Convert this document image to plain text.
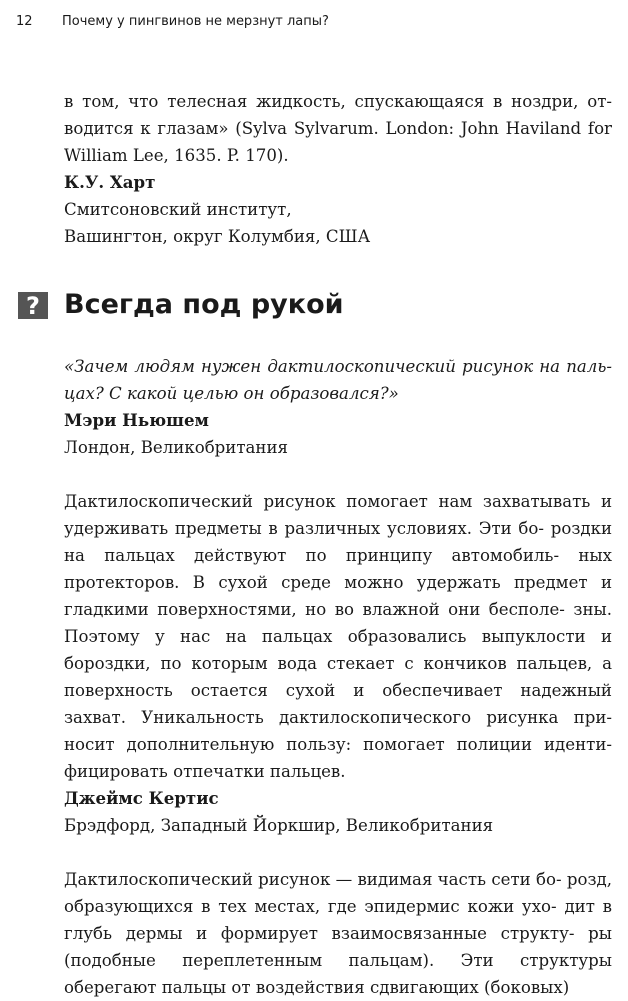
12 Почему у пингвинов не мерзнут лапы?

в том, что телесная жидкость, спускающаяся в ноздри, от- водится к глазам» (Sylva Sylvarum. London: John Haviland for William Lee, 1635. P. 170).

К.У. Харт

Смитсоновский институт,

Вашингтон, округ Колумбия, США

? Всегда под рукой

«Зачем людям нужен дактилоскопический рисунок на паль- цах? С какой целью он образовался?»

Мэри Ньюшем

Лондон, Великобритания

Дактилоскопический рисунок помогает нам захватывать и удерживать предметы в различных условиях. Эти бо- роздки на пальцах действуют по принципу автомобиль- ных протекторов. В сухой среде можно удержать предмет и гладкими поверхностями, но во влажной они бесполе- зны. Поэтому у нас на пальцах образовались выпуклости и бороздки, по которым вода стекает с кончиков пальцев, а поверхность остается сухой и обеспечивает надежный захват. Уникальность дактилоскопического рисунка при- носит дополнительную пользу: помогает полиции иденти- фицировать отпечатки пальцев.

Джеймс Кертис

Брэдфорд, Западный Йоркшир, Великобритания

Дактилоскопический рисунок — видимая часть сети бо- розд, образующихся в тех местах, где эпидермис кожи ухо- дит в глубь дермы и формирует взаимосвязанные структу- ры (подобные переплетенным пальцам). Эти структуры оберегают пальцы от воздействия сдвигающих (боковых)
